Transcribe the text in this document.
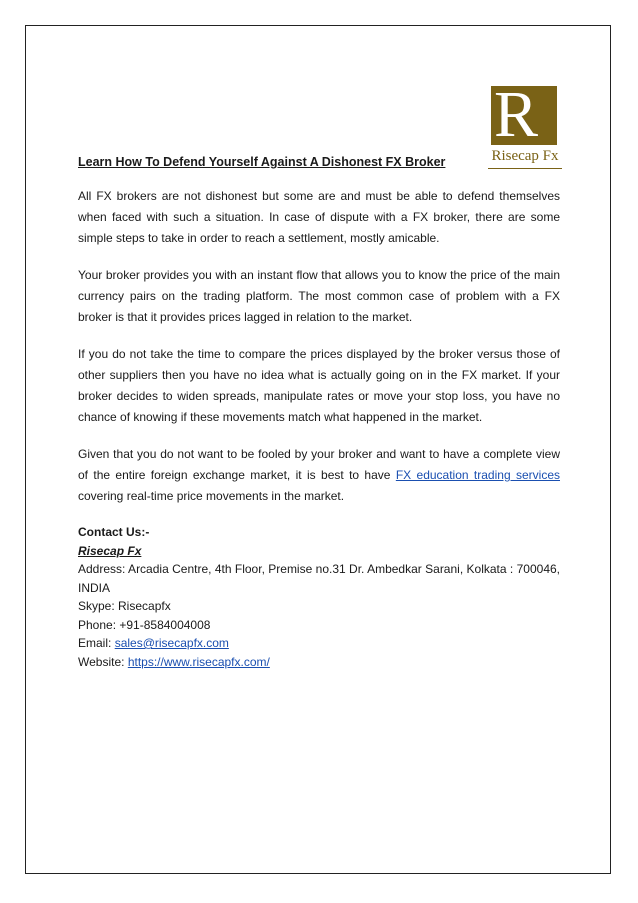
R
Risecap Fx
Learn How To Defend Yourself Against A Dishonest FX Broker

All FX brokers are not dishonest but some are and must be able to defend themselves when faced with such a situation. In case of dispute with a FX broker, there are some simple steps to take in order to reach a settlement, mostly amicable.

Your broker provides you with an instant flow that allows you to know the price of the main currency pairs on the trading platform. The most common case of problem with a FX broker is that it provides prices lagged in relation to the market.

If you do not take the time to compare the prices displayed by the broker versus those of other suppliers then you have no idea what is actually going on in the FX market. If your broker decides to widen spreads, manipulate rates or move your stop loss, you have no chance of knowing if these movements match what happened in the market.

Given that you do not want to be fooled by your broker and want to have a complete view of the entire foreign exchange market, it is best to have FX education trading services covering real-time price movements in the market.

Contact Us:-
Risecap Fx
Address: Arcadia Centre, 4th Floor, Premise no.31 Dr. Ambedkar Sarani, Kolkata : 700046, INDIA
Skype: Risecapfx
Phone: +91-8584004008
Email: sales@risecapfx.com
Website: https://www.risecapfx.com/
